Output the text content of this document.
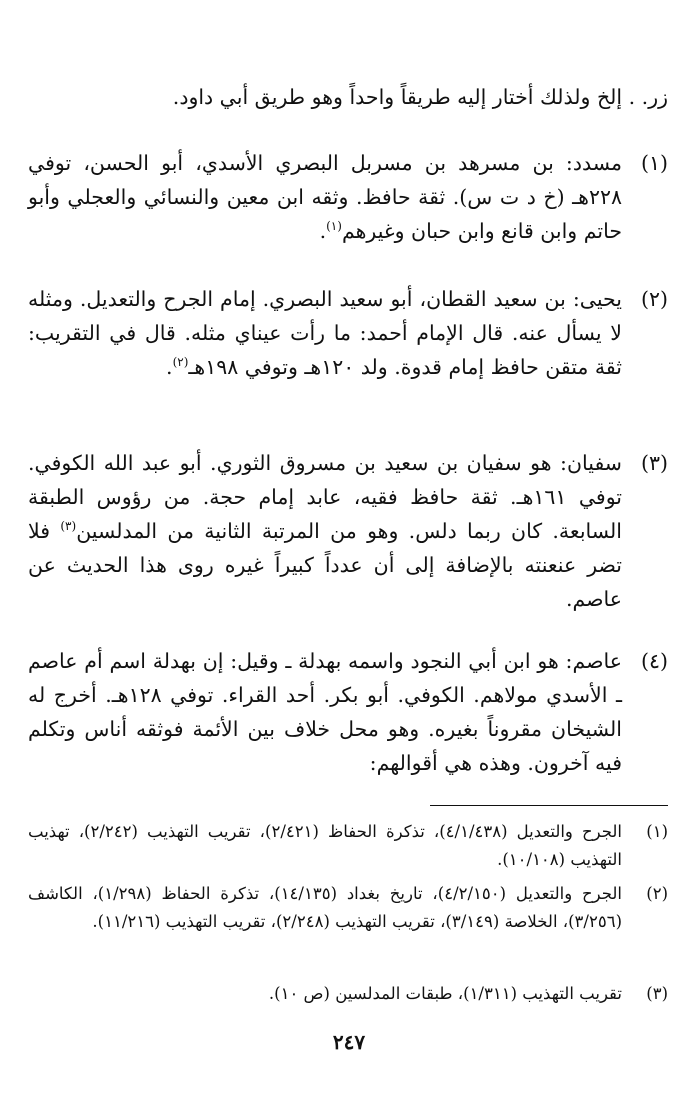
زر. . إلخ ولذلك أختار إليه طريقاً واحداً وهو طريق أبي داود.
(١)
مسدد: بن مسرهد بن مسربل البصري الأسدي، أبو الحسن، توفي ٢٢٨هـ (خ د ت س). ثقة حافظ. وثقه ابن معين والنسائي والعجلي وأبو حاتم وابن قانع وابن حبان وغيرهم$^{(١)}$.
(٢)
يحيى: بن سعيد القطان، أبو سعيد البصري. إمام الجرح والتعديل. ومثله لا يسأل عنه. قال الإمام أحمد: ما رأت عيناي مثله. قال في التقريب: ثقة متقن حافظ إمام قدوة. ولد ١٢٠هـ وتوفي ١٩٨هـ$^{(٢)}$.
(٣)
سفيان: هو سفيان بن سعيد بن مسروق الثوري. أبو عبد الله الكوفي. توفي ١٦١هـ. ثقة حافظ فقيه، عابد إمام حجة. من رؤوس الطبقة السابعة. كان ربما دلس. وهو من المرتبة الثانية من المدلسين$^{(٣)}$ فلا تضر عنعنته بالإضافة إلى أن عدداً كبيراً غيره روى هذا الحديث عن عاصم.
(٤)
عاصم: هو ابن أبي النجود واسمه بهدلة ـ وقيل: إن بهدلة اسم أم عاصم ـ الأسدي مولاهم. الكوفي. أبو بكر. أحد القراء. توفي ١٢٨هـ. أخرج له الشيخان مقروناً بغيره. وهو محل خلاف بين الأئمة فوثقه أناس وتكلم فيه آخرون. وهذه هي أقوالهم:
(١)
الجرح والتعديل (٤/١/٤٣٨)، تذكرة الحفاظ (٢/٤٢١)، تقريب التهذيب (٢/٢٤٢)، تهذيب التهذيب (١٠/١٠٨).
(٢)
الجرح والتعديل (٤/٢/١٥٠)، تاريخ بغداد (١٤/١٣٥)، تذكرة الحفاظ (١/٢٩٨)، الكاشف (٣/٢٥٦)، الخلاصة (٣/١٤٩)، تقريب التهذيب (٢/٢٤٨)، تقريب التهذيب (١١/٢١٦).
(٣)
تقريب التهذيب (١/٣١١)، طبقات المدلسين (ص ١٠).
٢٤٧
